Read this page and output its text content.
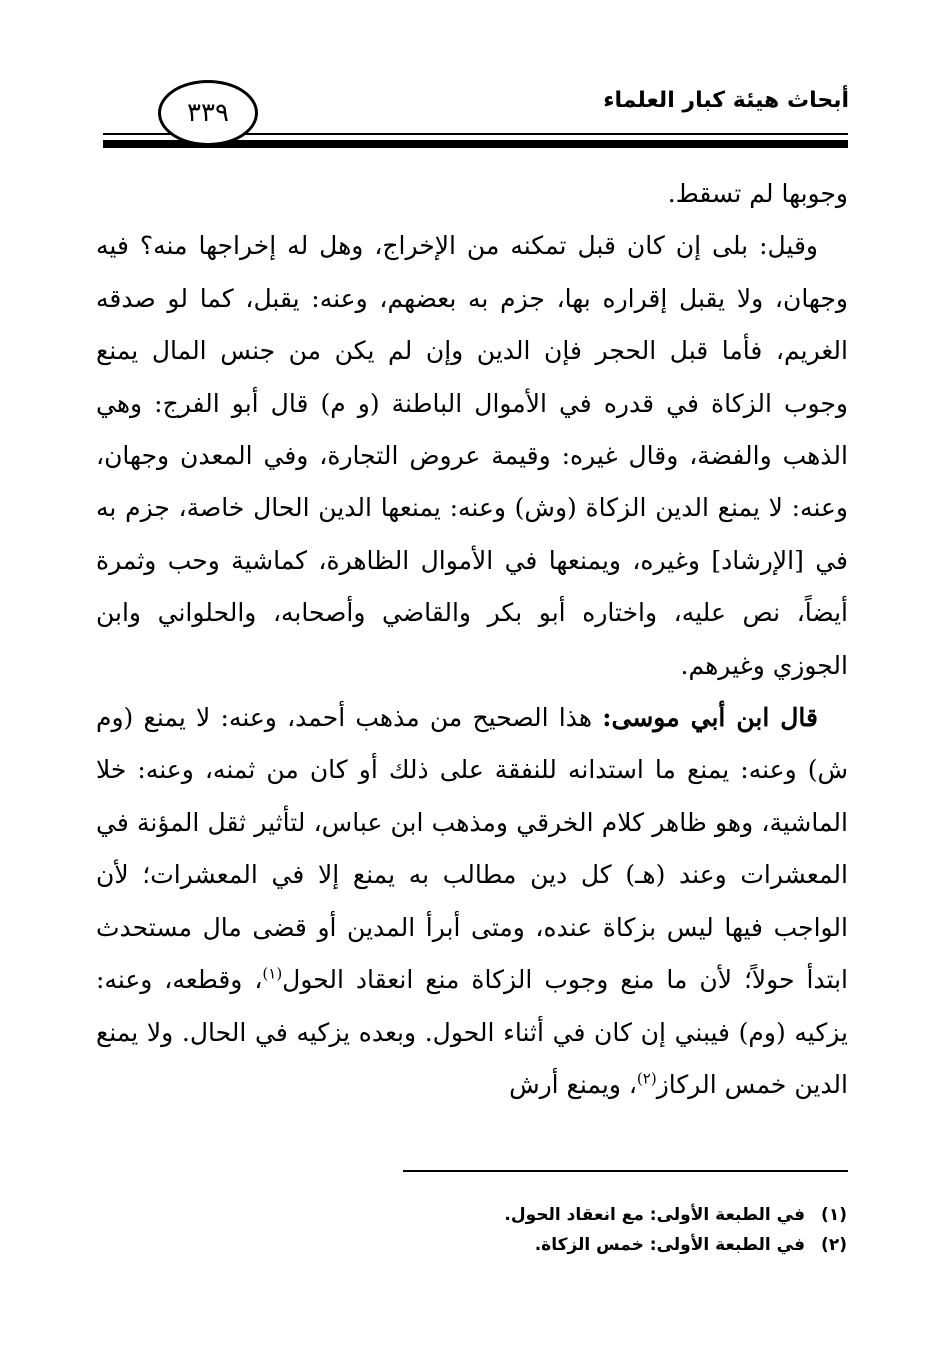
أبحاث هيئة كبار العلماء
٣٣٩

وجوبها لم تسقط.

وقيل: بلى إن كان قبل تمكنه من الإخراج، وهل له إخراجها منه؟ فيه وجهان، ولا يقبل إقراره بها، جزم به بعضهم، وعنه: يقبل، كما لو صدقه الغريم، فأما قبل الحجر فإن الدين وإن لم يكن من جنس المال يمنع وجوب الزكاة في قدره في الأموال الباطنة (و م) قال أبو الفرج: وهي الذهب والفضة، وقال غيره: وقيمة عروض التجارة، وفي المعدن وجهان، وعنه: لا يمنع الدين الزكاة (وش) وعنه: يمنعها الدين الحال خاصة، جزم به في [الإرشاد] وغيره، ويمنعها في الأموال الظاهرة، كماشية وحب وثمرة أيضاً، نص عليه، واختاره أبو بكر والقاضي وأصحابه، والحلواني وابن الجوزي وغيرهم.

قال ابن أبي موسى: هذا الصحيح من مذهب أحمد، وعنه: لا يمنع (وم ش) وعنه: يمنع ما استدانه للنفقة على ذلك أو كان من ثمنه، وعنه: خلا الماشية، وهو ظاهر كلام الخرقي ومذهب ابن عباس، لتأثير ثقل المؤنة في المعشرات وعند (هـ) كل دين مطالب به يمنع إلا في المعشرات؛ لأن الواجب فيها ليس بزكاة عنده، ومتى أبرأ المدين أو قضى مال مستحدث ابتدأ حولاً؛ لأن ما منع وجوب الزكاة منع انعقاد الحول$^{(١)}$، وقطعه، وعنه: يزكيه (وم) فيبني إن كان في أثناء الحول. وبعده يزكيه في الحال. ولا يمنع الدين خمس الركاز$^{(٢)}$، ويمنع أرش

(١)في الطبعة الأولى: مع انعقاد الحول.
(٢)في الطبعة الأولى: خمس الزكاة.
